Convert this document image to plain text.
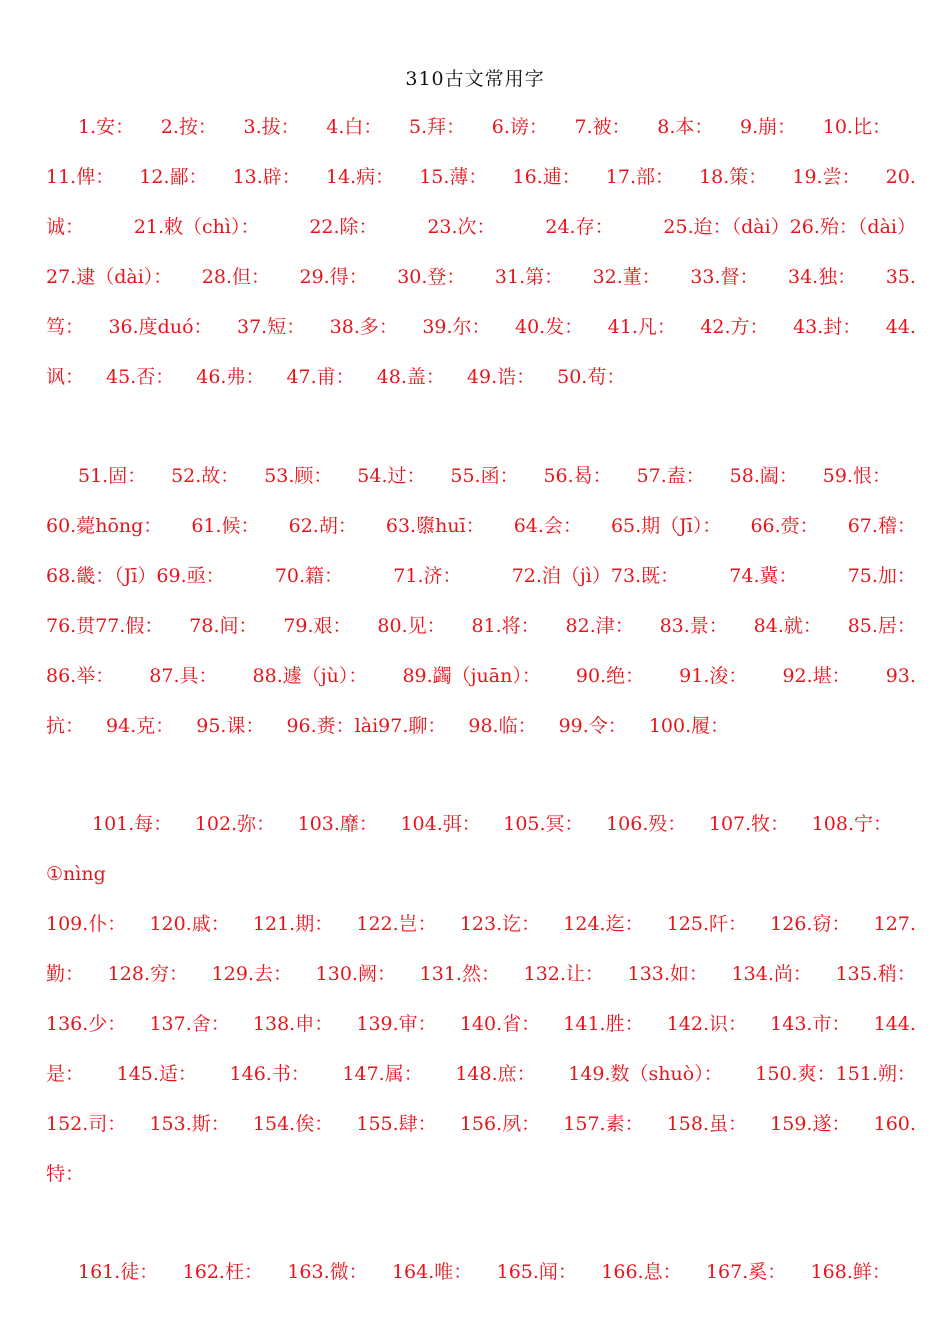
310古文常用字
1.安： 2.按： 3.拔： 4.白： 5.拜： 6.谤： 7.被： 8.本： 9.崩： 10.比：
11.俾： 12.鄙： 13.辟： 14.病： 15.薄： 16.逋： 17.部： 18.策： 19.尝： 20.
诚：	21.敕（chì）：	22.除：	23.次：	24.存：	25.迨：（dài）26.殆：（dài）
27.逮（dài）： 28.但： 29.得： 30.登： 31.第： 32.董： 33.督： 34.独： 35.
笃： 36.度duó： 37.短： 38.多： 39.尔： 40.发： 41.凡： 42.方： 43.封： 44.
讽： 45.否： 46.弗： 47.甫： 48.盖： 49.诰： 50.苟：
51.固： 52.故： 53.顾： 54.过： 55.函： 56.曷： 57.盍： 58.阖： 59.恨：
60.薨hōng： 61.候： 62.胡： 63.隳huī： 64.会： 65.期（Jī）： 66.赍： 67.稽：
68.畿：（Jī）69.亟：	70.籍：	71.济：	72.洎（jì）73.既：	74.冀：	75.加：
76.贯77.假： 78.间： 79.艰： 80.见： 81.将： 82.津： 83.景： 84.就： 85.居：
86.举： 87.具： 88.遽（jù）： 89.蠲（juān）： 90.绝： 91.浚： 92.堪： 93.
抗： 94.克： 95.课： 96.赉：lài97.聊： 98.临： 99.令： 100.履：
101.每： 102.弥： 103.靡： 104.弭： 105.冥： 106.殁： 107.牧： 108.宁：
①nìng
109.仆： 120.戚： 121.期： 122.岂： 123.讫： 124.迄： 125.阡： 126.窃： 127.
勤： 128.穷： 129.去： 130.阙： 131.然： 132.让： 133.如： 134.尚： 135.稍：
136.少： 137.舍： 138.申： 139.审： 140.省： 141.胜： 142.识： 143.市： 144.
是： 145.适： 146.书： 147.属： 148.庶： 149.数（shuò）： 150.爽：151.朔：
152.司： 153.斯： 154.俟： 155.肆： 156.夙： 157.素： 158.虽： 159.遂： 160.
特：
161.徒： 162.枉： 163.微： 164.唯： 165.闻： 166.息： 167.奚： 168.鲜：
